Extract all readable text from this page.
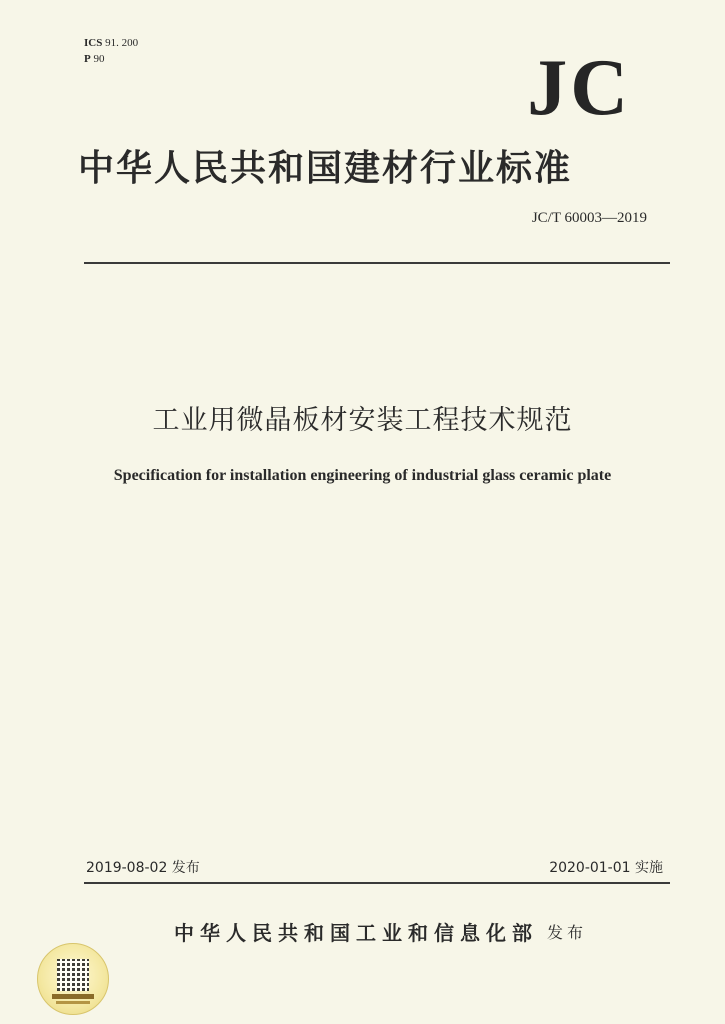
ICS 91. 200
P 90	JC
中华人民共和国建材行业标准
JC/T 60003—2019
工业用微晶板材安装工程技术规范
Specification for installation engineering of industrial glass ceramic plate
2019-08-02 发布	2020-01-01 实施
中华人民共和国工业和信息化部 发布
